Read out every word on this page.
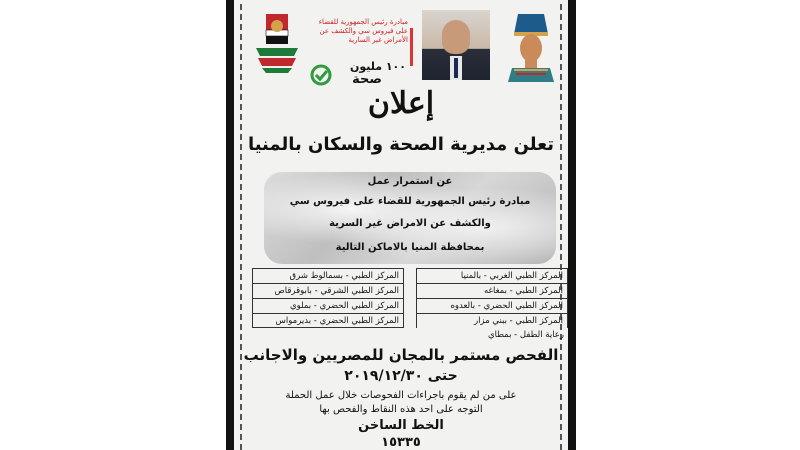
مبادرة رئيس الجمهورية للقضاء على فيروس سي والكشف عن الأمراض غير السارية
١٠٠ مليون
صحة
إعلان
تعلن مديرية الصحة والسكان بالمنيا
عن استمرار عمل
مبادرة رئيس الجمهورية للقضاء على فيروس سي
والكشف عن الامراض غير السرية
بمحافظة المنيا بالاماكن التالية
المركز الطبي الغربي - بالمنيا
المركز الطبي - بمغاغه
المركز الطبي الحضري - بالعدوه
المركز الطبي - ببني مزار
رعاية الطفل - بمطاي
المركز الطبي - بسمالوط شرق
المركز الطبي الشرقي - بابوقرقاص
المركز الطبي الحضري - بملوي
المركز الطبي الحضري - بديرمواس
الفحص مستمر بالمجان للمصريين والاجانب
حتى ٢٠١٩/١٢/٣٠
على من لم يقوم باجراءات الفحوصات خلال عمل الحملة
التوجه على احد هذه النقاط والفحص بها
الخط الساخن
١٥٣٣٥
